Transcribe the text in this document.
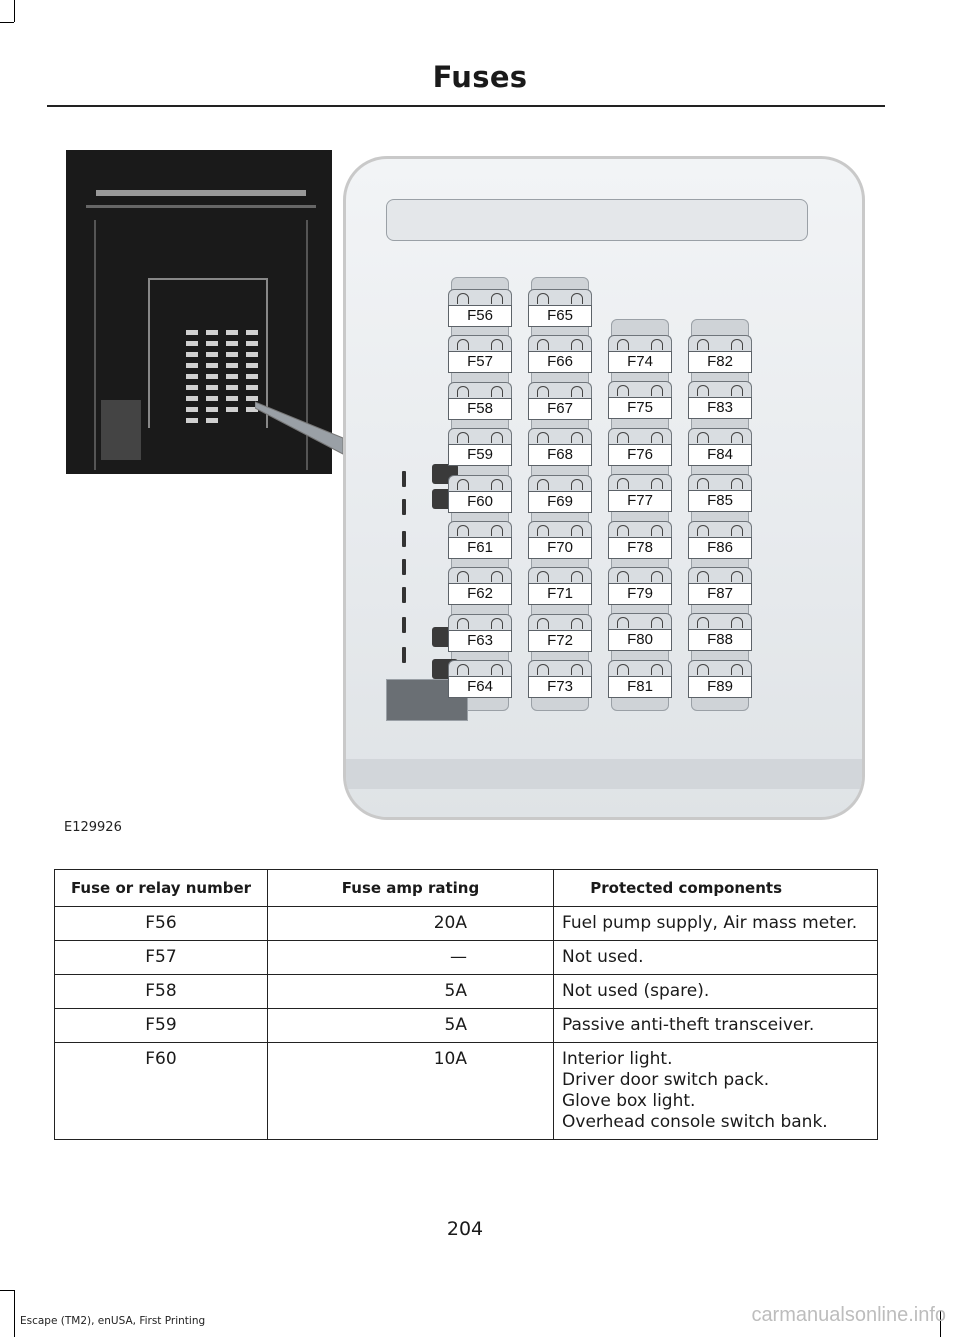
Fuses
F56
F57
F58
F59
F60
F61
F62
F63
F64
F65
F66
F67
F68
F69
F70
F71
F72
F73
F74
F75
F76
F77
F78
F79
F80
F81
F82
F83
F84
F85
F86
F87
F88
F89
E129926
Fuse or relay number	Fuse amp rating	Protected components
F56	20A	Fuel pump supply, Air mass meter.

F57	—	Not used.

F58	5A	Not used (spare).

F59	5A	Passive anti-theft transceiver.

F60	10A	Interior light.
Driver door switch pack.
Glove box light.
Overhead console switch bank.
204
Escape (TM2), enUSA, First Printing	carmanualsonline.info
